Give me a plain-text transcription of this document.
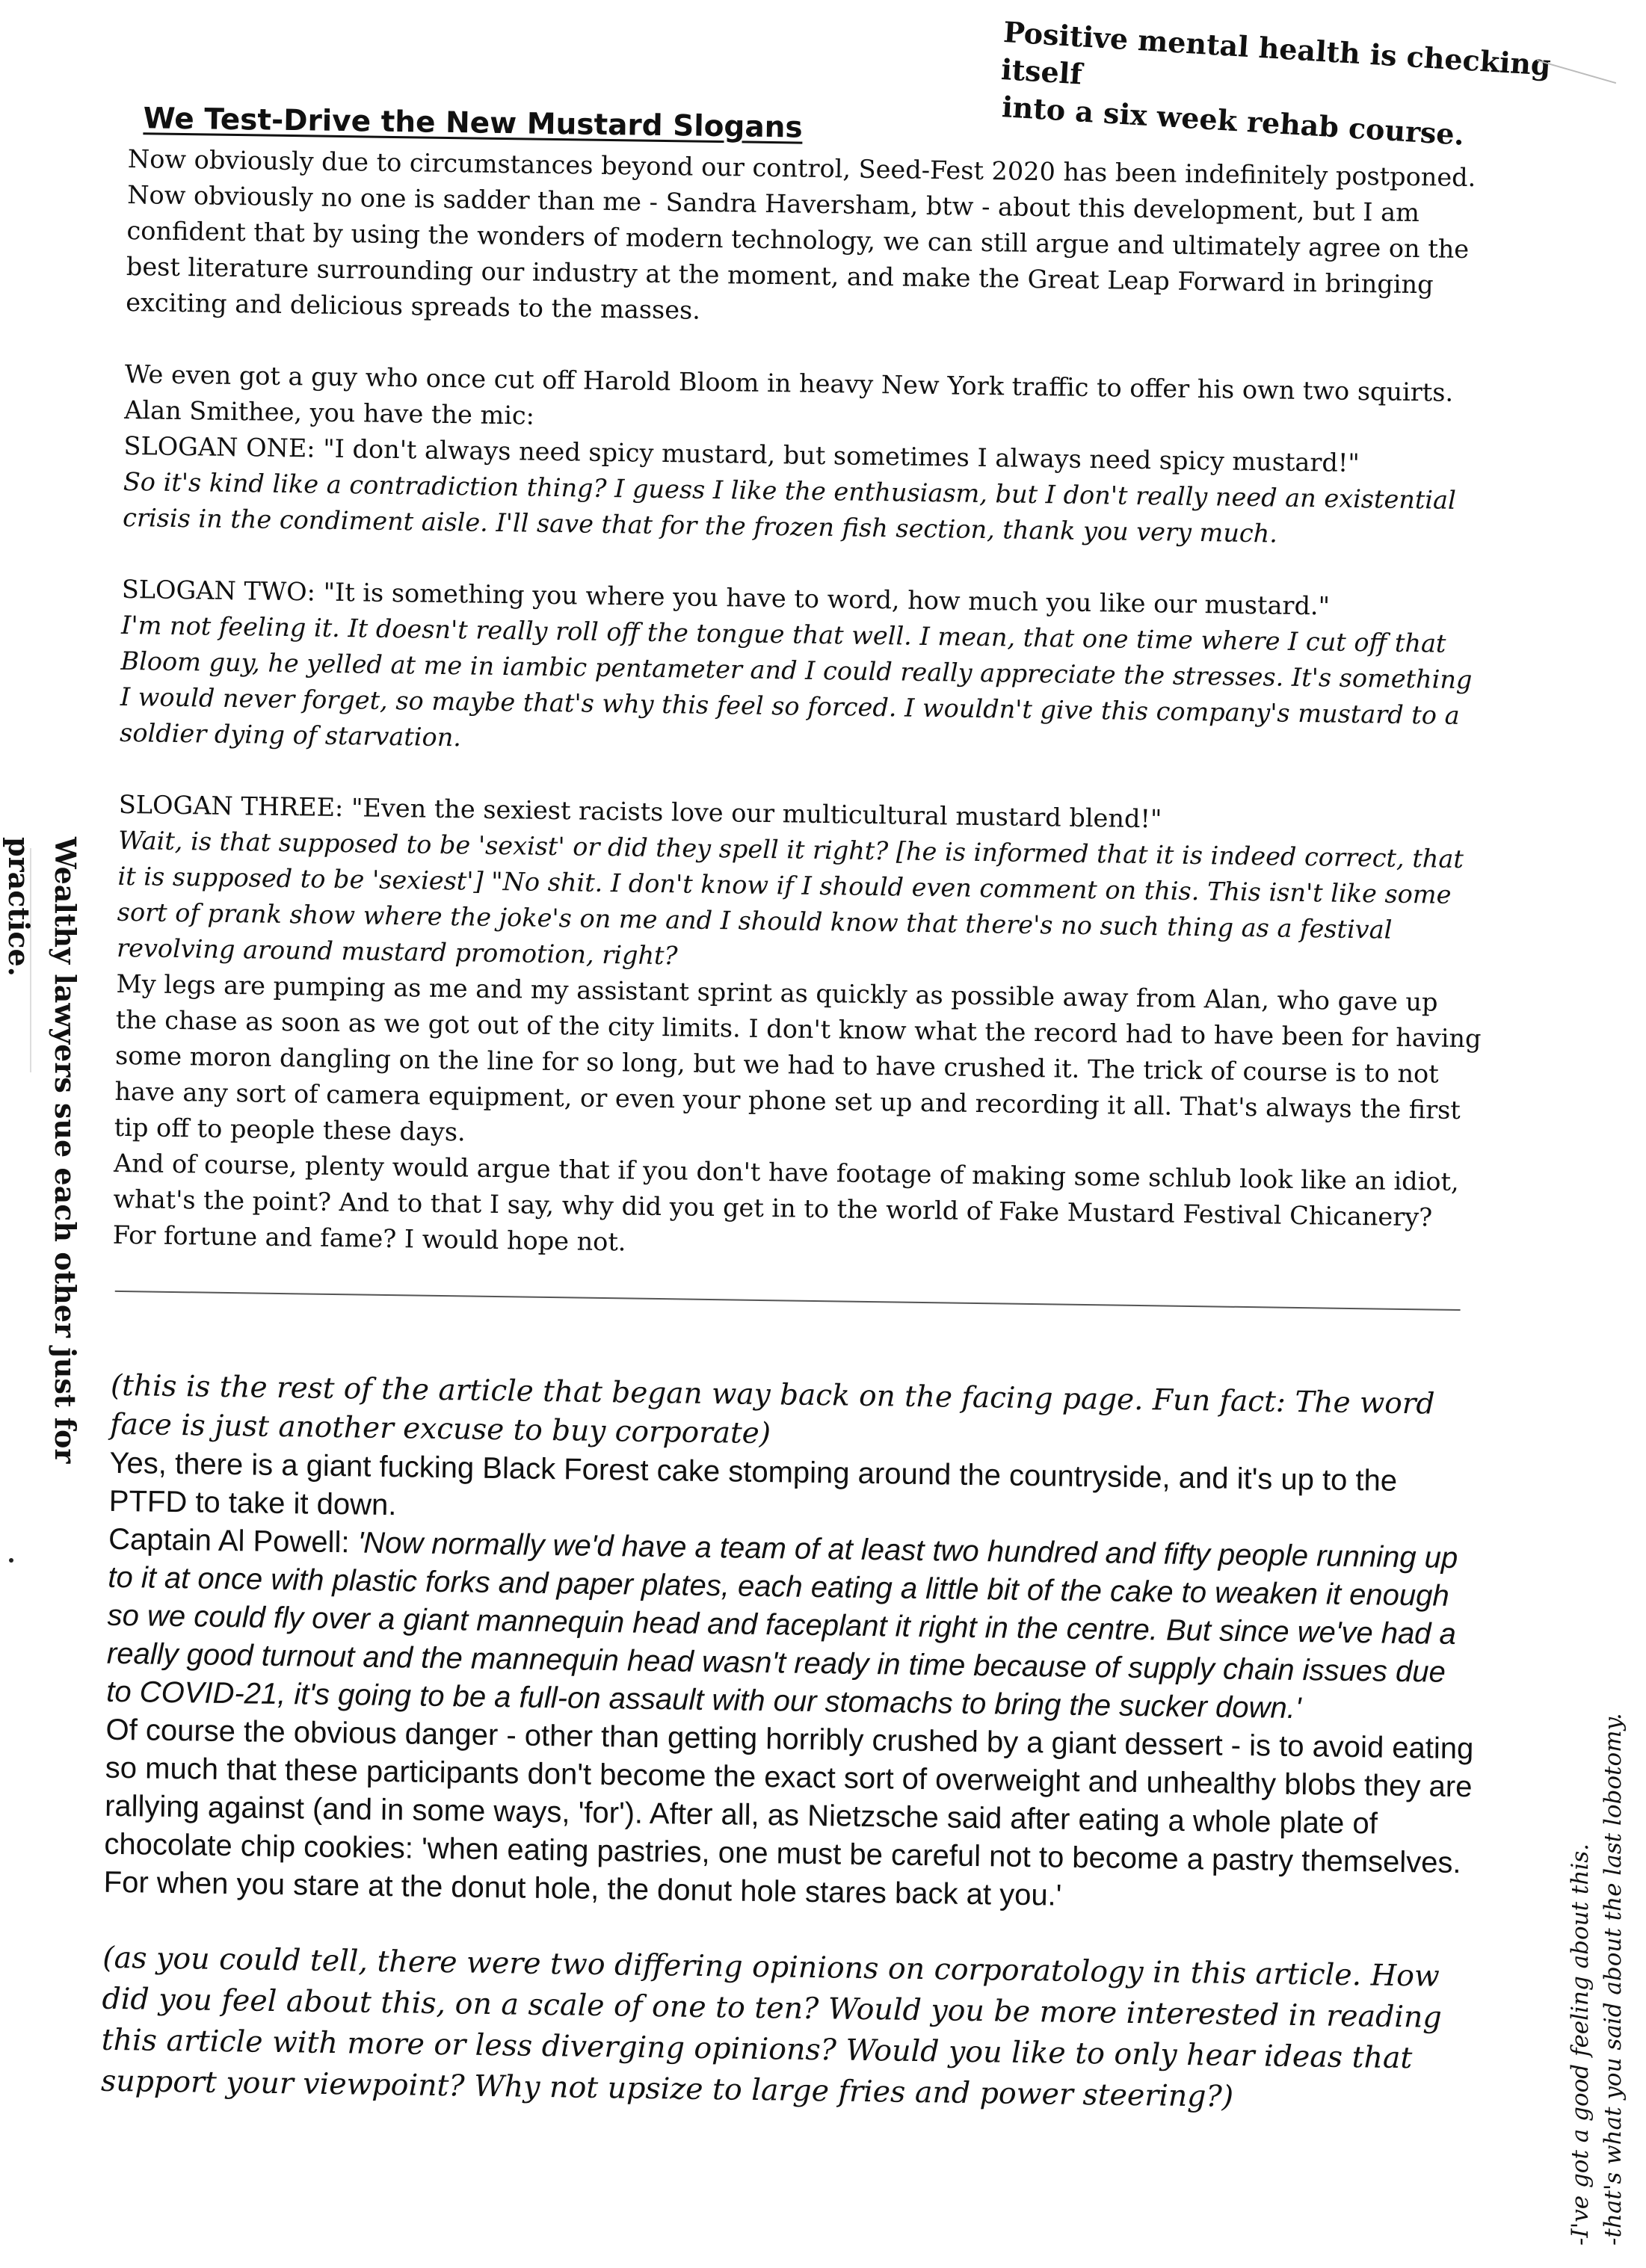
Positive mental health is checking itself
into a six week rehab course.
Wealthy lawyers sue each other just for
practice.
-I've got a good feeling about this. -that's what you said about the last lobotomy.
We Test-Drive the New Mustard Slogans

Now obviously due to circumstances beyond our control, Seed-Fest 2020 has been indefinitely postponed. Now obviously no one is sadder than me - Sandra Haversham, btw - about this development, but I am confident that by using the wonders of modern technology, we can still argue and ultimately agree on the best literature surrounding our industry at the moment, and make the Great Leap Forward in bringing exciting and delicious spreads to the masses.

We even got a guy who once cut off Harold Bloom in heavy New York traffic to offer his own two squirts. Alan Smithee, you have the mic:

SLOGAN ONE: "I don't always need spicy mustard, but sometimes I always need spicy mustard!"

So it's kind like a contradiction thing? I guess I like the enthusiasm, but I don't really need an existential crisis in the condiment aisle. I'll save that for the frozen fish section, thank you very much.

SLOGAN TWO: "It is something you where you have to word, how much you like our mustard."

I'm not feeling it. It doesn't really roll off the tongue that well. I mean, that one time where I cut off that Bloom guy, he yelled at me in iambic pentameter and I could really appreciate the stresses. It's something I would never forget, so maybe that's why this feel so forced. I wouldn't give this company's mustard to a soldier dying of starvation.

SLOGAN THREE: "Even the sexiest racists love our multicultural mustard blend!"

Wait, is that supposed to be 'sexist' or did they spell it right? [he is informed that it is indeed correct, that it is supposed to be 'sexiest'] "No shit. I don't know if I should even comment on this. This isn't like some sort of prank show where the joke's on me and I should know that there's no such thing as a festival revolving around mustard promotion, right?

My legs are pumping as me and my assistant sprint as quickly as possible away from Alan, who gave up the chase as soon as we got out of the city limits. I don't know what the record had to have been for having some moron dangling on the line for so long, but we had to have crushed it. The trick of course is to not have any sort of camera equipment, or even your phone set up and recording it all. That's always the first tip off to people these days.

And of course, plenty would argue that if you don't have footage of making some schlub look like an idiot, what's the point? And to that I say, why did you get in to the world of Fake Mustard Festival Chicanery? For fortune and fame? I would hope not.

(this is the rest of the article that began way back on the facing page. Fun fact: The word face is just another excuse to buy corporate)

Yes, there is a giant fucking Black Forest cake stomping around the countryside, and it's up to the PTFD to take it down.

Captain Al Powell: 'Now normally we'd have a team of at least two hundred and fifty people running up to it at once with plastic forks and paper plates, each eating a little bit of the cake to weaken it enough so we could fly over a giant mannequin head and faceplant it right in the centre. But since we've had a really good turnout and the mannequin head wasn't ready in time because of supply chain issues due to COVID-21, it's going to be a full-on assault with our stomachs to bring the sucker down.'

Of course the obvious danger - other than getting horribly crushed by a giant dessert - is to avoid eating so much that these participants don't become the exact sort of overweight and unhealthy blobs they are rallying against (and in some ways, 'for'). After all, as Nietzsche said after eating a whole plate of chocolate chip cookies: 'when eating pastries, one must be careful not to become a pastry themselves. For when you stare at the donut hole, the donut hole stares back at you.'

(as you could tell, there were two differing opinions on corporatology in this article. How did you feel about this, on a scale of one to ten? Would you be more interested in reading this article with more or less diverging opinions? Would you like to only hear ideas that support your viewpoint? Why not upsize to large fries and power steering?)
